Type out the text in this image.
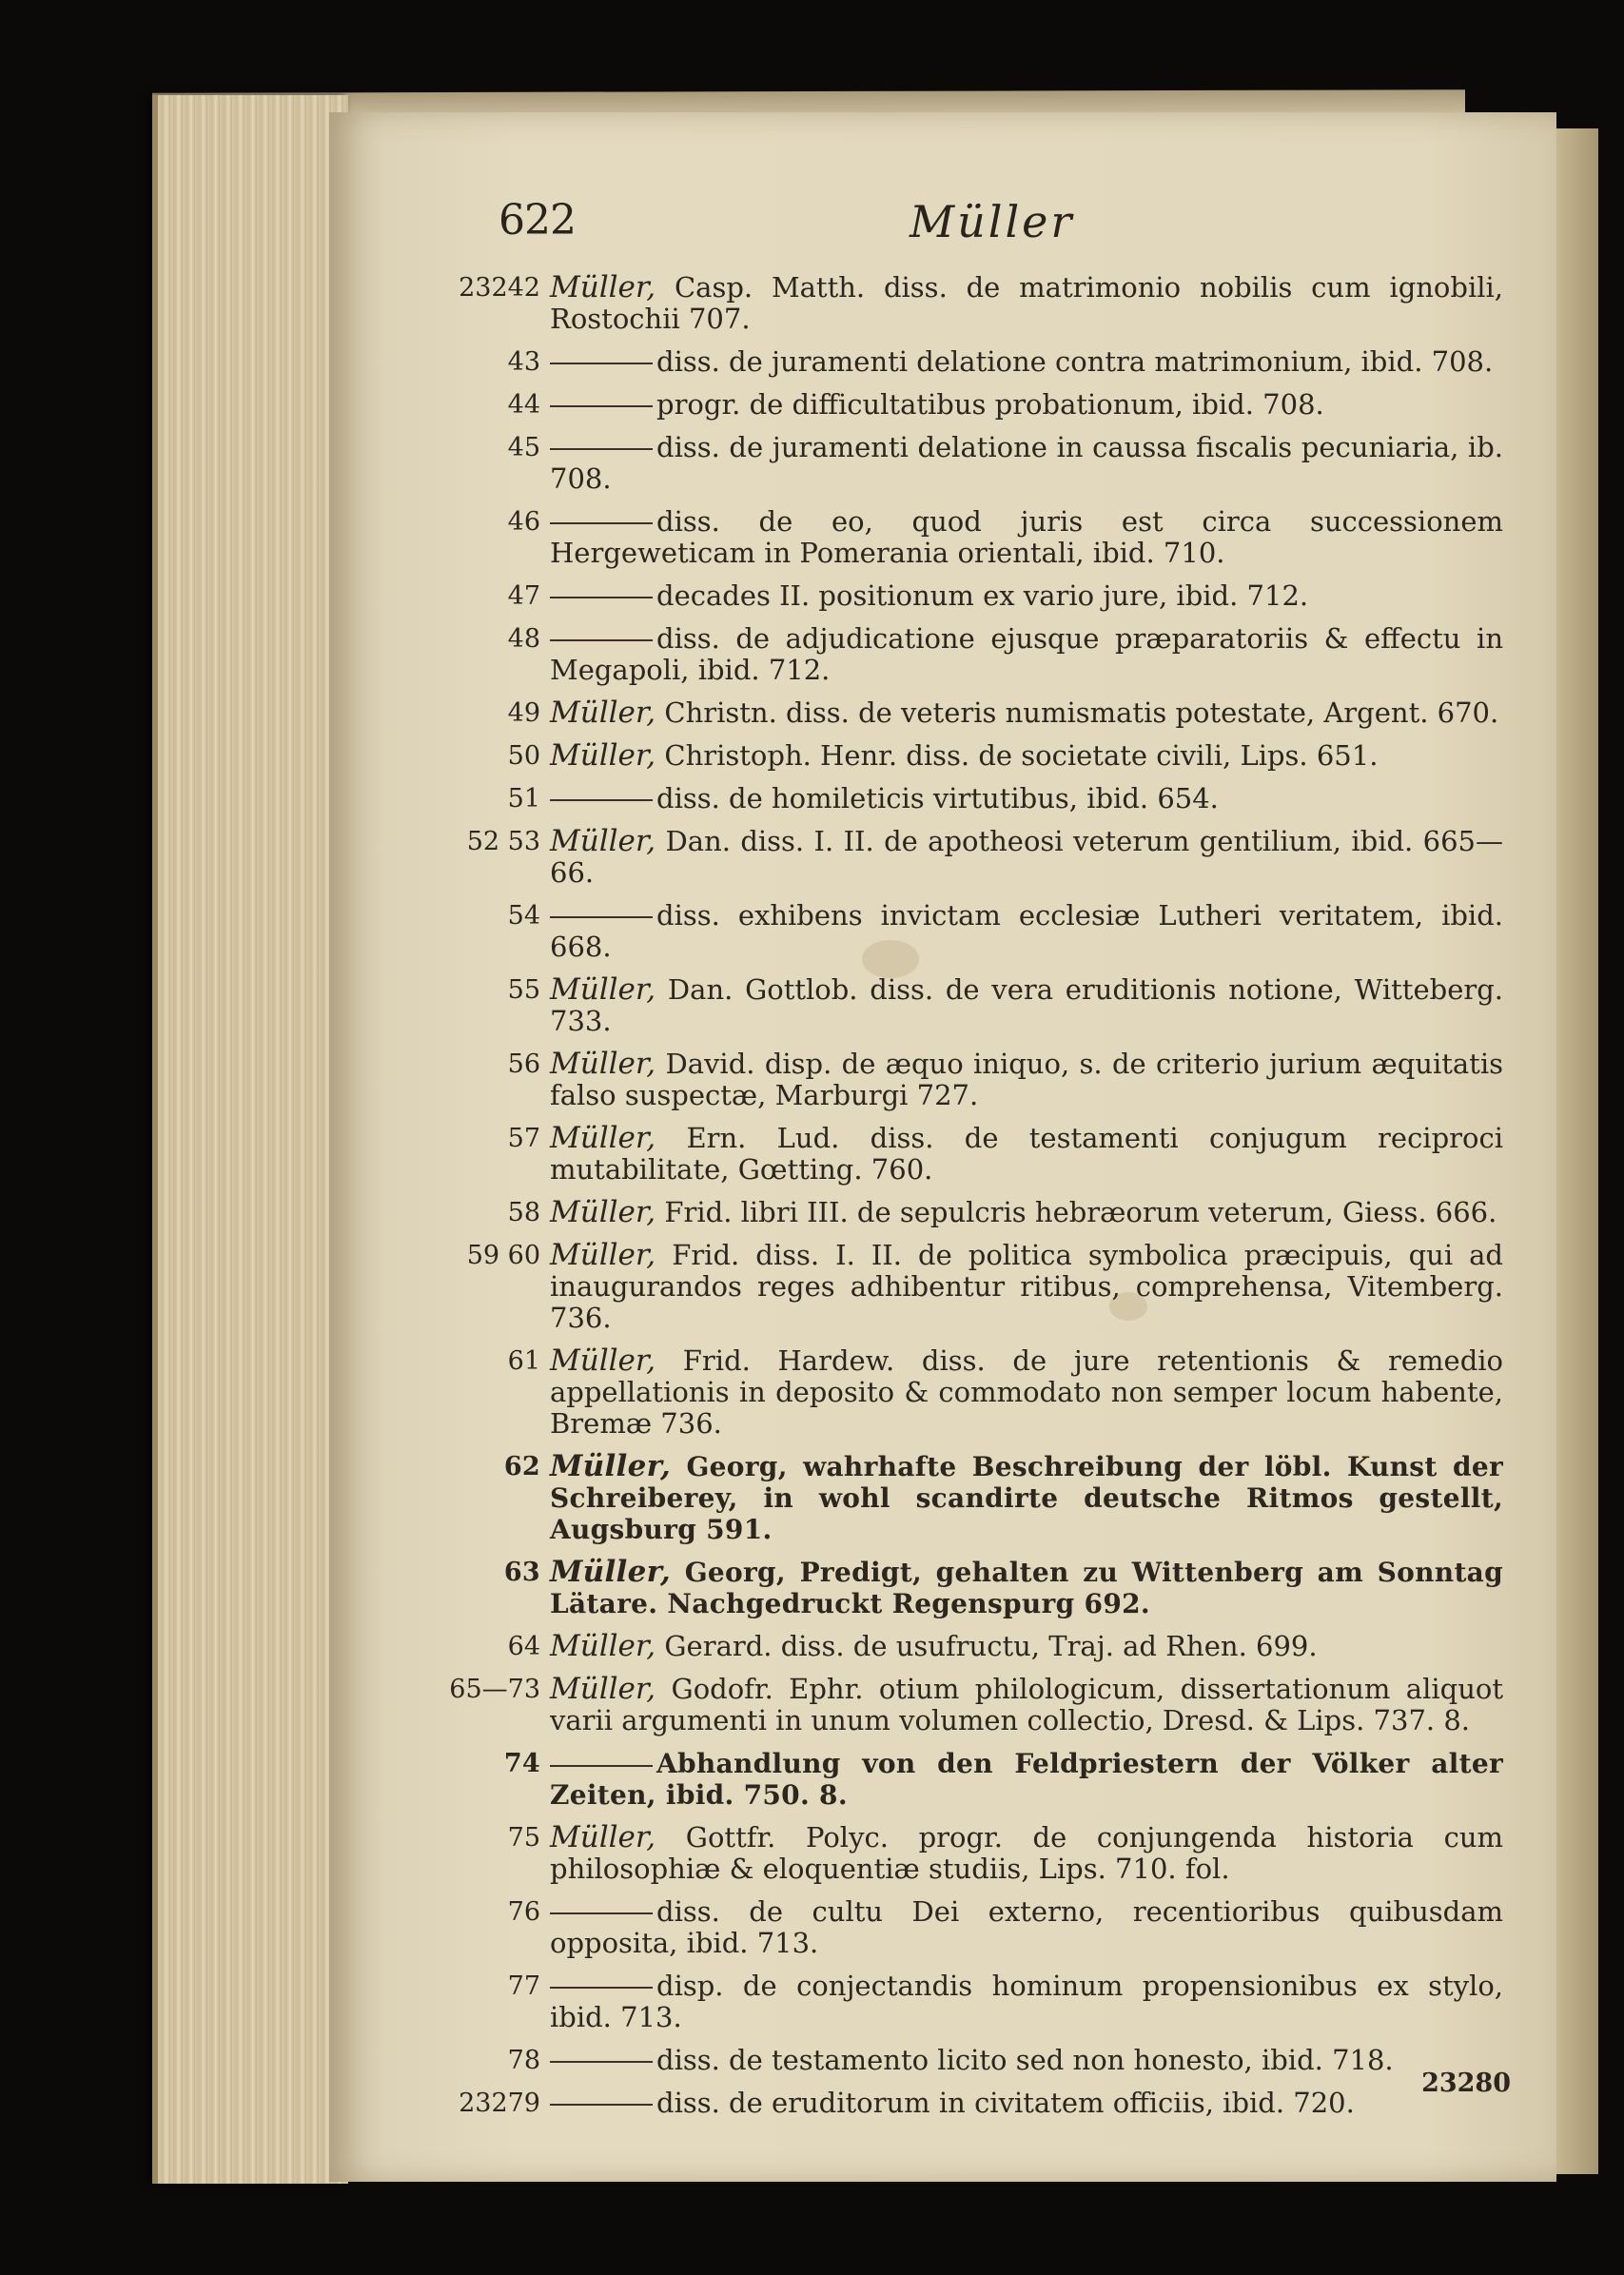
622	Müller
23242 Müller, Casp. Matth. diss. de matrimonio nobilis cum ignobili, Rostochii 707.
43	diss. de juramenti delatione contra matrimonium, ibid. 708.
44	progr. de difficultatibus probationum, ibid. 708.
45	diss. de juramenti delatione in caussa fiscalis pecuniaria, ib. 708.
46	diss. de eo, quod juris est circa successionem Hergeweticam in Pomerania orientali, ibid. 710.
47	decades II. positionum ex vario jure, ibid. 712.
48	diss. de adjudicatione ejusque præparatoriis & effectu in Megapoli, ibid. 712.
49 Müller, Christn. diss. de veteris numismatis potestate, Argent. 670.
50 Müller, Christoph. Henr. diss. de societate civili, Lips. 651.
51	diss. de homileticis virtutibus, ibid. 654.
52 53 Müller, Dan. diss. I. II. de apotheosi veterum gentilium, ibid. 665—66.
54	diss. exhibens invictam ecclesiæ Lutheri veritatem, ibid. 668.
55 Müller, Dan. Gottlob. diss. de vera eruditionis notione, Witteberg. 733.
56 Müller, David. disp. de æquo iniquo, s. de criterio jurium æquitatis falso suspectæ, Marburgi 727.
57 Müller, Ern. Lud. diss. de testamenti conjugum reciproci mutabilitate, Gœtting. 760.
58 Müller, Frid. libri III. de sepulcris hebræorum veterum, Giess. 666.
59 60 Müller, Frid. diss. I. II. de politica symbolica præcipuis, qui ad inaugurandos reges adhibentur ritibus, comprehensa, Vitemberg. 736.
61 Müller, Frid. Hardew. diss. de jure retentionis & remedio appellationis in deposito & commodato non semper locum habente, Bremæ 736.
62 Müller, Georg, wahrhafte Beschreibung der löbl. Kunst der Schreiberey, in wohl scandirte deutsche Ritmos gestellt, Augsburg 591.
63 Müller, Georg, Predigt, gehalten zu Wittenberg am Sonntag Lätare. Nachgedruckt Regenspurg 692.
64 Müller, Gerard. diss. de usufructu, Traj. ad Rhen. 699.
65—73 Müller, Godofr. Ephr. otium philologicum, dissertationum aliquot varii argumenti in unum volumen collectio, Dresd. & Lips. 737. 8.
74	Abhandlung von den Feldpriestern der Völker alter Zeiten, ibid. 750. 8.
75 Müller, Gottfr. Polyc. progr. de conjungenda historia cum philosophiæ & eloquentiæ studiis, Lips. 710. fol.
76	diss. de cultu Dei externo, recentioribus quibusdam opposita, ibid. 713.
77	disp. de conjectandis hominum propensionibus ex stylo, ibid. 713.
78	diss. de testamento licito sed non honesto, ibid. 718.
23279	diss. de eruditorum in civitatem officiis, ibid. 720.
23280
